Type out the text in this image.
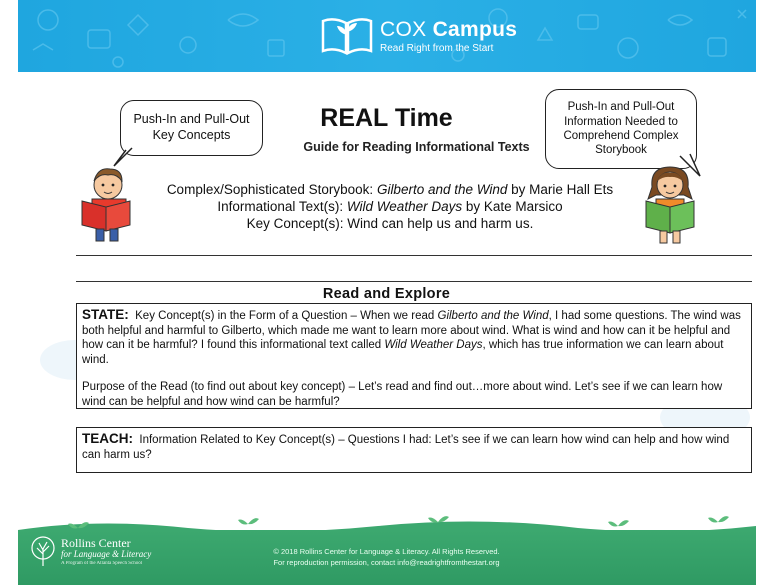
COX Campus
Read Right from the Start
Push-In and Pull-Out Key Concepts
Push-In and Pull-Out Information Needed to Comprehend Complex Storybook
REAL Time
Guide for Reading Informational Texts
Complex/Sophisticated Storybook: Gilberto and the Wind by Marie Hall Ets
Informational Text(s): Wild Weather Days by Kate Marsico
Key Concept(s): Wind can help us and harm us.
Read and Explore

STATE: Key Concept(s) in the Form of a Question – When we read Gilberto and the Wind, I had some questions. The wind was both helpful and harmful to Gilberto, which made me want to learn more about wind. What is wind and how can it be helpful and how can it be harmful? I found this informational text called Wild Weather Days, which has true information we can learn about wind.

Purpose of the Read (to find out about key concept) – Let’s read and find out…more about wind. Let’s see if we can learn how wind can be helpful and how wind can be harmful?

TEACH: Information Related to Key Concept(s) – Questions I had: Let’s see if we can learn how wind can help and how wind can harm us?

Rollins Center
for Language & Literacy
A Program of the Atlanta Speech School
© 2018 Rollins Center for Language & Literacy. All Rights Reserved.
For reproduction permission, contact info@readrightfromthestart.org
